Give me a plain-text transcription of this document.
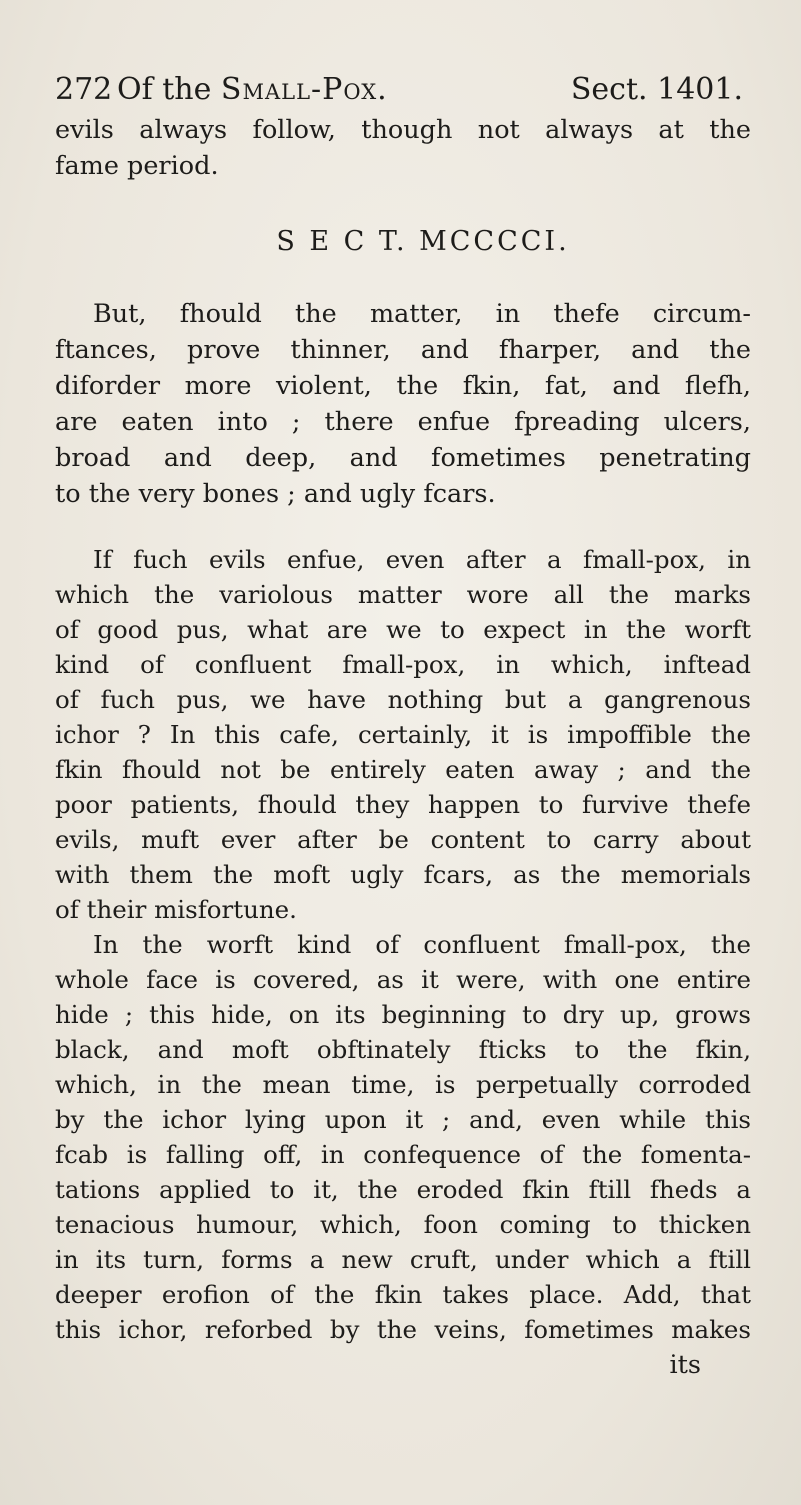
272 Of the Small-Pox.	Sect. 1401.
evils always follow, though not always at the
fame period.
S E C T. MCCCCI.
But, fhould the matter, in thefe circum-
ftances, prove thinner, and fharper, and the
diforder more violent, the fkin, fat, and flefh,
are eaten into ; there enfue fpreading ulcers,
broad and deep, and fometimes penetrating
to the very bones ; and ugly fcars.
If fuch evils enfue, even after a fmall-pox, in
which the variolous matter wore all the marks
of good pus, what are we to expect in the worft
kind of confluent fmall-pox, in which, inftead
of fuch pus, we have nothing but a gangrenous
ichor ? In this cafe, certainly, it is impoffible the
fkin fhould not be entirely eaten away ; and the
poor patients, fhould they happen to furvive thefe
evils, muft ever after be content to carry about
with them the moft ugly fcars, as the memorials
of their misfortune.
In the worft kind of confluent fmall-pox, the
whole face is covered, as it were, with one entire
hide ; this hide, on its beginning to dry up, grows
black, and moft obftinately fticks to the fkin,
which, in the mean time, is perpetually corroded
by the ichor lying upon it ; and, even while this
fcab is falling off, in confequence of the fomenta-
tations applied to it, the eroded fkin ftill fheds a
tenacious humour, which, foon coming to thicken
in its turn, forms a new cruft, under which a ftill
deeper erofion of the fkin takes place. Add, that
this ichor, reforbed by the veins, fometimes makes
its
